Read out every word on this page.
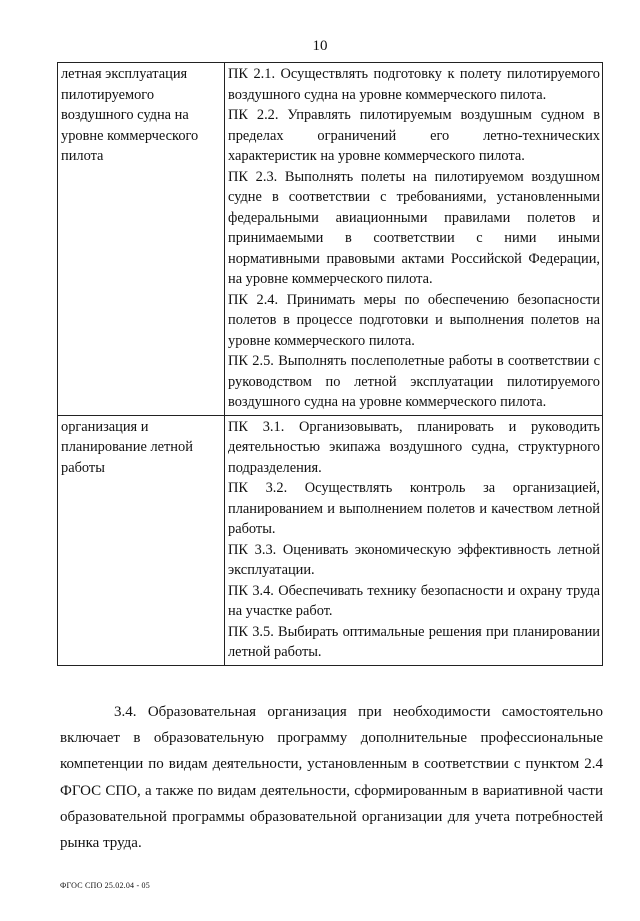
10
летная эксплуатация пилотируемого воздушного судна на уровне коммерческого пилота	ПК 2.1. Осуществлять подготовку к полету пилотируемого воздушного судна на уровне коммерческого пилота.
ПК 2.2. Управлять пилотируемым воздушным судном в пределах ограничений его летно-технических характеристик на уровне коммерческого пилота.
ПК 2.3. Выполнять полеты на пилотируемом воздушном судне в соответствии с требованиями, установленными федеральными авиационными правилами полетов и принимаемыми в соответствии с ними иными нормативными правовыми актами Российской Федерации, на уровне коммерческого пилота.
ПК 2.4. Принимать меры по обеспечению безопасности полетов в процессе подготовки и выполнения полетов на уровне коммерческого пилота.
ПК 2.5. Выполнять послеполетные работы в соответствии с руководством по летной эксплуатации пилотируемого воздушного судна на уровне коммерческого пилота.

организация и планирование летной работы	ПК 3.1. Организовывать, планировать и руководить деятельностью экипажа воздушного судна, структурного подразделения.
ПК 3.2. Осуществлять контроль за организацией, планированием и выполнением полетов и качеством летной работы.
ПК 3.3. Оценивать экономическую эффективность летной эксплуатации.
ПК 3.4. Обеспечивать технику безопасности и охрану труда на участке работ.
ПК 3.5. Выбирать оптимальные решения при планировании летной работы.
3.4. Образовательная организация при необходимости самостоятельно включает в образовательную программу дополнительные профессиональные компетенции по видам деятельности, установленным в соответствии с пунктом 2.4 ФГОС СПО, а также по видам деятельности, сформированным в вариативной части образовательной программы образовательной организации для учета потребностей рынка труда.
ФГОС СПО 25.02.04 - 05
